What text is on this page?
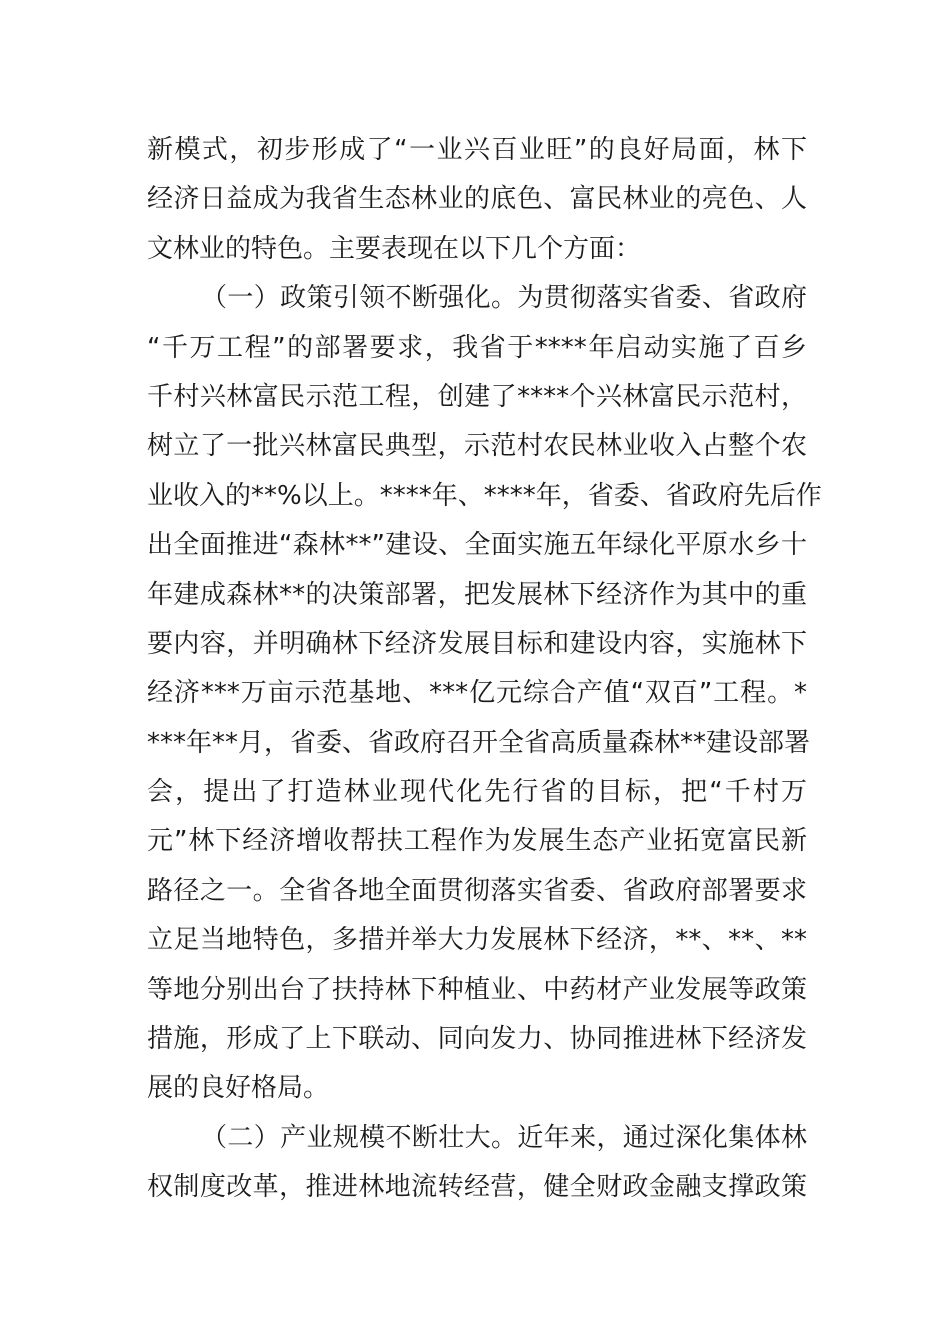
新模式，初步形成了“一业兴百业旺”的良好局面，林下
经济日益成为我省生态林业的底色、富民林业的亮色、人
文林业的特色。主要表现在以下几个方面：
（一）政策引领不断强化。为贯彻落实省委、省政府
“千万工程”的部署要求，我省于****年启动实施了百乡
千村兴林富民示范工程，创建了****个兴林富民示范村，
树立了一批兴林富民典型，示范村农民林业收入占整个农
业收入的**%以上。****年、****年，省委、省政府先后作
出全面推进“森林**”建设、全面实施五年绿化平原水乡十
年建成森林**的决策部署，把发展林下经济作为其中的重
要内容，并明确林下经济发展目标和建设内容，实施林下
经济***万亩示范基地、***亿元综合产值“双百”工程。*
***年**月，省委、省政府召开全省高质量森林**建设部署
会，提出了打造林业现代化先行省的目标，把“千村万
元”林下经济增收帮扶工程作为发展生态产业拓宽富民新
路径之一。全省各地全面贯彻落实省委、省政府部署要求
立足当地特色，多措并举大力发展林下经济，**、**、**
等地分别出台了扶持林下种植业、中药材产业发展等政策
措施，形成了上下联动、同向发力、协同推进林下经济发
展的良好格局。
（二）产业规模不断壮大。近年来，通过深化集体林
权制度改革，推进林地流转经营，健全财政金融支撑政策
